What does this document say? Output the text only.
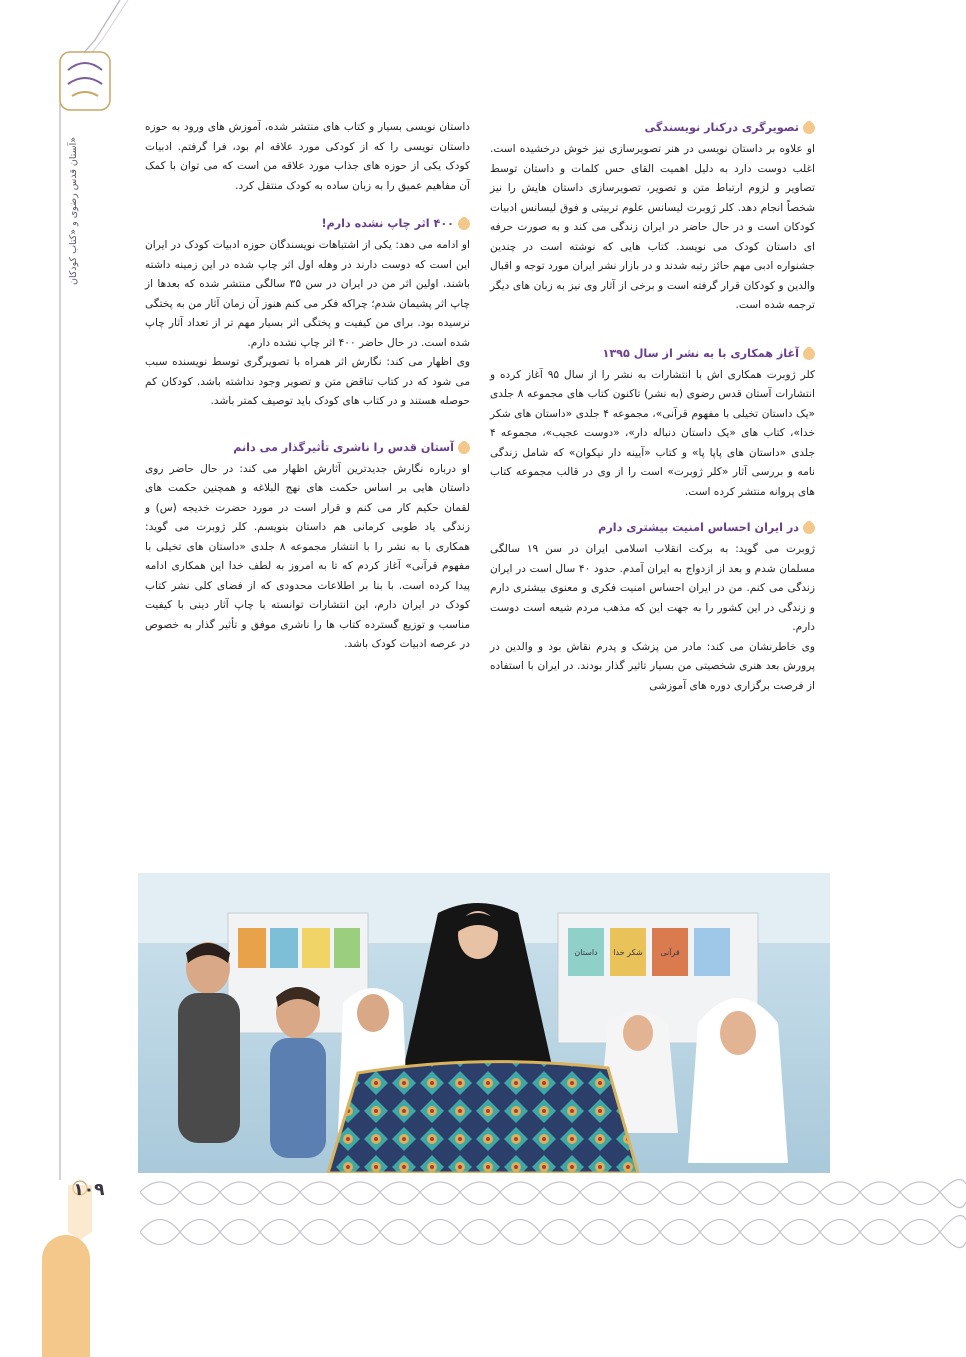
آستان قدس رضوی و «کتاب کودکان»
۱۰۹
تصویرگری درکنار نویسندگی

او علاوه بر داستان نویسی در هنر تصویرسازی نیز خوش درخشیده است. اغلب دوست دارد به دلیل اهمیت القای حس کلمات و داستان توسط تصاویر و لزوم ارتباط متن و تصویر، تصویرسازی داستان هایش را نیز شخصاً انجام دهد. کلر ژوبرت لیسانس علوم تربیتی و فوق لیسانس ادبیات کودکان است و در حال حاضر در ایران زندگی می کند و به صورت حرفه ای داستان کودک می نویسد. کتاب هایی که نوشته است در چندین جشنواره ادبی مهم حائز رتبه شدند و در بازار نشر ایران مورد توجه و اقبال والدین و کودکان قرار گرفته است و برخی از آثار وی نیز به زبان های دیگر ترجمه شده است.

آغاز همکاری با به نشر از سال ۱۳۹۵

کلر ژوبرت همکاری اش با انتشارات به نشر را از سال ۹۵ آغاز کرده و انتشارات آستان قدس رضوی (به نشر) تاکنون کتاب های مجموعه ۸ جلدی «یک داستان تخیلی با مفهوم قرآنی»، مجموعه ۴ جلدی «داستان های شکر خدا»، کتاب های «یک داستان دنباله دار»، «دوست عجیب»، مجموعه ۴ جلدی «داستان های پاپا پا» و کتاب «آیینه دار نیکوان» که شامل زندگی نامه و بررسی آثار «کلر ژوبرت» است را از وی در قالب مجموعه کتاب های پروانه منتشر کرده است.

در ایران احساس امنیت بیشتری دارم

ژوبرت می گوید: به برکت انقلاب اسلامی ایران در سن ۱۹ سالگی مسلمان شدم و بعد از ازدواج به ایران آمدم. حدود ۴۰ سال است در ایران زندگی می کنم. من در ایران احساس امنیت فکری و معنوی بیشتری دارم و زندگی در این کشور را به جهت این که مذهب مردم شیعه است دوست دارم.

وی خاطرنشان می کند: مادر من پزشک و پدرم نقاش بود و والدین در پرورش بعد هنری شخصیتی من بسیار تاثیر گذار بودند. در ایران با استفاده از فرصت برگزاری دوره های آموزشی

داستان نویسی بسیار و کتاب های منتشر شده، آموزش های ورود به حوزه داستان نویسی را که از کودکی مورد علاقه ام بود، فرا گرفتم. ادبیات کودک یکی از حوزه های جذاب مورد علاقه من است که می توان با کمک آن مفاهیم عمیق را به زبان ساده به کودک منتقل کرد.

۴۰۰ اثر چاپ نشده دارم!

او ادامه می دهد: یکی از اشتباهات نویسندگان حوزه ادبیات کودک در ایران این است که دوست دارند در وهله اول اثر چاپ شده در این زمینه داشته باشند. اولین اثر من در ایران در سن ۳۵ سالگی منتشر شده که بعدها از چاپ اثر پشیمان شدم؛ چراکه فکر می کنم هنوز آن زمان آثار من به پختگی نرسیده بود. برای من کیفیت و پختگی اثر بسیار مهم تر از تعداد آثار چاپ شده است. در حال حاضر ۴۰۰ اثر چاپ نشده دارم.

وی اظهار می کند: نگارش اثر همراه با تصویرگری توسط نویسنده سبب می شود که در کتاب تناقض متن و تصویر وجود نداشته باشد. کودکان کم حوصله هستند و در کتاب های کودک باید توصیف کمتر باشد.

آستان قدس را ناشری تأثیرگذار می دانم

او درباره نگارش جدیدترین آثارش اظهار می کند: در حال حاضر روی داستان هایی بر اساس حکمت های نهج البلاغه و همچنین حکمت های لقمان حکیم کار می کنم و قرار است در مورد حضرت خدیجه (س) و زندگی یاد طوبی کرمانی هم داستان بنویسم. کلر ژوبرت می گوید: همکاری با به نشر را با انتشار مجموعه ۸ جلدی «داستان های تخیلی با مفهوم قرآنی» آغاز کردم که تا به امروز به لطف خدا این همکاری ادامه پیدا کرده است. با بنا بر اطلاعات محدودی که از فضای کلی نشر کتاب کودک در ایران دارم، این انتشارات توانسته با چاپ آثار دینی با کیفیت مناسب و توزیع گسترده کتاب ها را ناشری موفق و تأثیر گذار به خصوص در عرصه ادبیات کودک باشد.

داستان شکر خدا قرآنی
